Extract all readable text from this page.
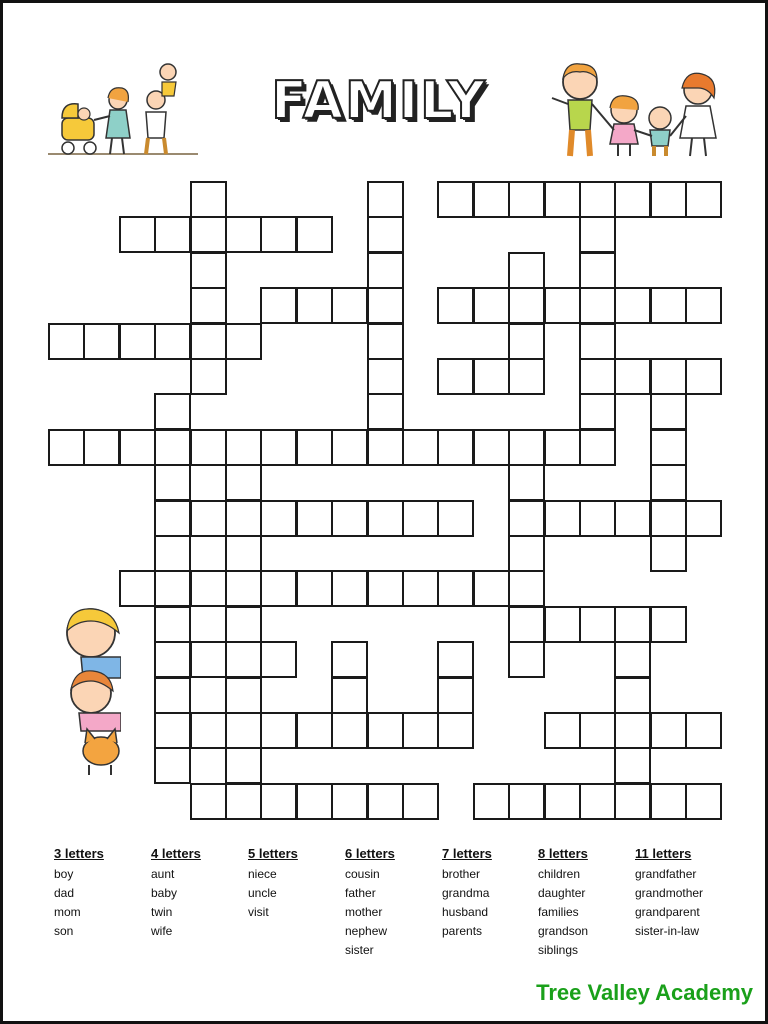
FAMILY
3 letters
boy
dad
mom
son
4 letters
aunt
baby
twin
wife
5 letters
niece
uncle
visit
6 letters
cousin
father
mother
nephew
sister
7 letters
brother
grandma
husband
parents
8 letters
children
daughter
families
grandson
siblings
11 letters
grandfather
grandmother
grandparent
sister-in-law
Tree Valley Academy
